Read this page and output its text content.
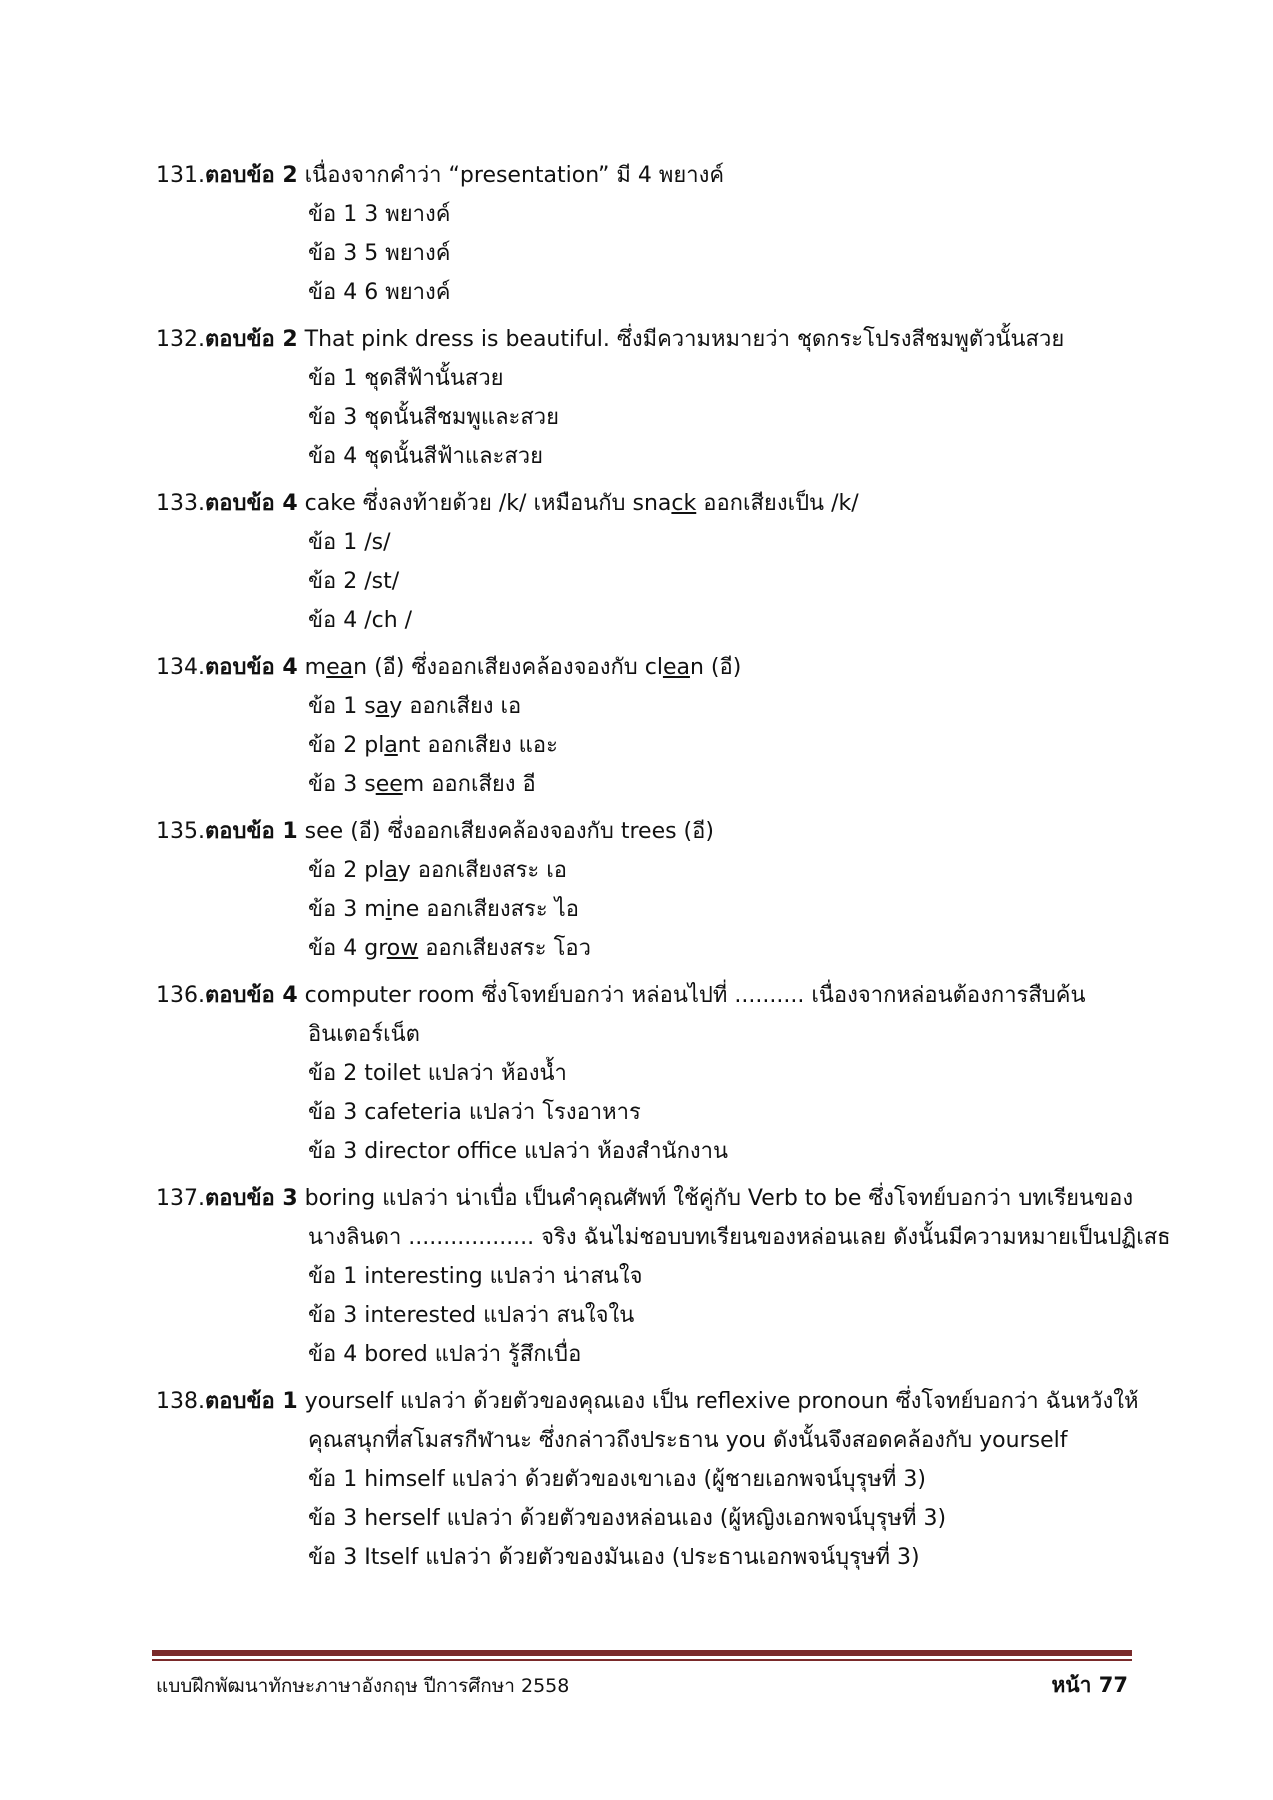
131.ตอบข้อ 2 เนื่องจากคำว่า “presentation” มี 4 พยางค์
ข้อ 1 3 พยางค์
ข้อ 3 5 พยางค์
ข้อ 4 6 พยางค์
132.ตอบข้อ 2 That pink dress is beautiful. ซึ่งมีความหมายว่า ชุดกระโปรงสีชมพูตัวนั้นสวย
ข้อ 1 ชุดสีฟ้านั้นสวย
ข้อ 3 ชุดนั้นสีชมพูและสวย
ข้อ 4 ชุดนั้นสีฟ้าและสวย
133.ตอบข้อ 4 cake ซึ่งลงท้ายด้วย /k/ เหมือนกับ snack ออกเสียงเป็น /k/
ข้อ 1 /s/
ข้อ 2 /st/
ข้อ 4 /ch /
134.ตอบข้อ 4 mean (อี) ซึ่งออกเสียงคล้องจองกับ clean (อี)
ข้อ 1 say ออกเสียง เอ
ข้อ 2 plant ออกเสียง แอะ
ข้อ 3 seem ออกเสียง อี
135.ตอบข้อ 1 see (อี) ซึ่งออกเสียงคล้องจองกับ trees (อี)
ข้อ 2 play ออกเสียงสระ เอ
ข้อ 3 mine ออกเสียงสระ ไอ
ข้อ 4 grow ออกเสียงสระ โอว
136.ตอบข้อ 4 computer room ซึ่งโจทย์บอกว่า หล่อนไปที่ .......... เนื่องจากหล่อนต้องการสืบค้น
อินเตอร์เน็ต
ข้อ 2 toilet แปลว่า ห้องน้ำ
ข้อ 3 cafeteria แปลว่า โรงอาหาร
ข้อ 3 director office แปลว่า ห้องสำนักงาน
137.ตอบข้อ 3 boring แปลว่า น่าเบื่อ เป็นคำคุณศัพท์ ใช้คู่กับ Verb to be ซึ่งโจทย์บอกว่า บทเรียนของ
นางลินดา .................. จริง ฉันไม่ชอบบทเรียนของหล่อนเลย ดังนั้นมีความหมายเป็นปฏิเสธ
ข้อ 1 interesting แปลว่า น่าสนใจ
ข้อ 3 interested แปลว่า สนใจใน
ข้อ 4 bored แปลว่า รู้สึกเบื่อ
138.ตอบข้อ 1 yourself แปลว่า ด้วยตัวของคุณเอง เป็น reflexive pronoun ซึ่งโจทย์บอกว่า ฉันหวังให้
คุณสนุกที่สโมสรกีฬานะ ซึ่งกล่าวถึงประธาน you ดังนั้นจึงสอดคล้องกับ yourself
ข้อ 1 himself แปลว่า ด้วยตัวของเขาเอง (ผู้ชายเอกพจน์บุรุษที่ 3)
ข้อ 3 herself แปลว่า ด้วยตัวของหล่อนเอง (ผู้หญิงเอกพจน์บุรุษที่ 3)
ข้อ 3 Itself แปลว่า ด้วยตัวของมันเอง (ประธานเอกพจน์บุรุษที่ 3)
แบบฝึกพัฒนาทักษะภาษาอังกฤษ ปีการศึกษา 2558	หน้า 77
